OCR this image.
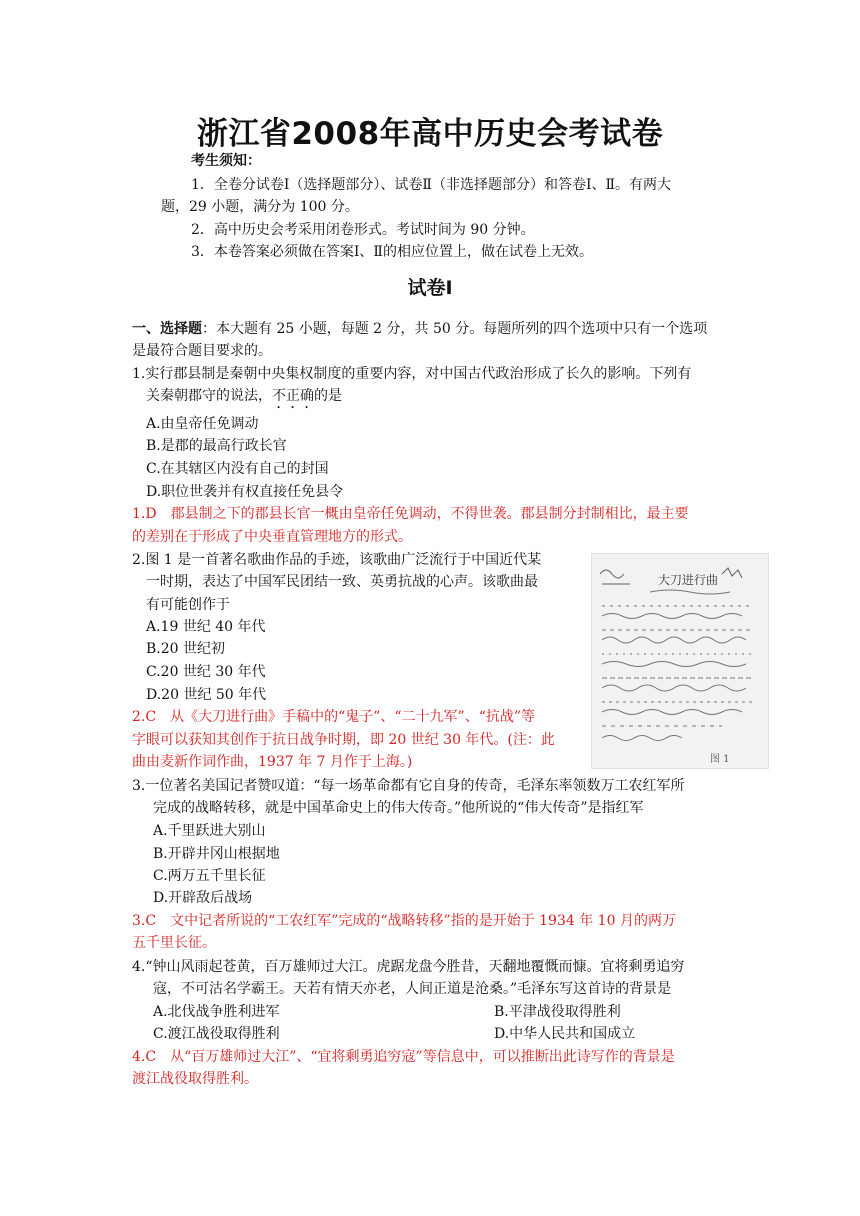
浙江省2008年高中历史会考试卷
考生须知：
1．全卷分试卷Ⅰ（选择题部分）、试卷Ⅱ（非选择题部分）和答卷Ⅰ、Ⅱ。有两大
题，29 小题，满分为 100 分。
2．高中历史会考采用闭卷形式。考试时间为 90 分钟。
3．本卷答案必须做在答案Ⅰ、Ⅱ的相应位置上，做在试卷上无效。
试卷Ⅰ
一、选择题：本大题有 25 小题，每题 2 分，共 50 分。每题所列的四个选项中只有一个选项
是最符合题目要求的。
1.实行郡县制是秦朝中央集权制度的重要内容，对中国古代政治形成了长久的影响。下列有
关秦朝郡守的说法，不正确的是
A.由皇帝任免调动
B.是郡的最高行政长官
C.在其辖区内没有自己的封国
D.职位世袭并有权直接任免县令
1.D　郡县制之下的郡县长官一概由皇帝任免调动，不得世袭。郡县制分封制相比，最主要
的差别在于形成了中央垂直管理地方的形式。
2.图 1 是一首著名歌曲作品的手迹，该歌曲广泛流行于中国近代某
一时期，表达了中国军民团结一致、英勇抗战的心声。该歌曲最
有可能创作于
A.19 世纪 40 年代
B.20 世纪初
C.20 世纪 30 年代
D.20 世纪 50 年代
2.C　从《大刀进行曲》手稿中的“鬼子”、“二十九军”、“抗战”等
字眼可以获知其创作于抗日战争时期，即 20 世纪 30 年代。(注：此
曲由麦新作词作曲，1937 年 7 月作于上海。)
大刀进行曲
图 1
3.一位著名美国记者赞叹道：“每一场革命都有它自身的传奇，毛泽东率领数万工农红军所
完成的战略转移，就是中国革命史上的伟大传奇。”他所说的“伟大传奇”是指红军
A.千里跃进大别山
B.开辟井冈山根据地
C.两万五千里长征
D.开辟敌后战场
3.C　文中记者所说的“工农红军”完成的“战略转移”指的是开始于 1934 年 10 月的两万
五千里长征。
4.“钟山风雨起苍黄，百万雄师过大江。虎踞龙盘今胜昔，天翻地覆慨而慷。宜将剩勇追穷
寇，不可沽名学霸王。天若有情天亦老，人间正道是沧桑。”毛泽东写这首诗的背景是
A.北伐战争胜利进军	B.平津战役取得胜利
C.渡江战役取得胜利	D.中华人民共和国成立
4.C　从“百万雄师过大江”、“宜将剩勇追穷寇”等信息中，可以推断出此诗写作的背景是
渡江战役取得胜利。
